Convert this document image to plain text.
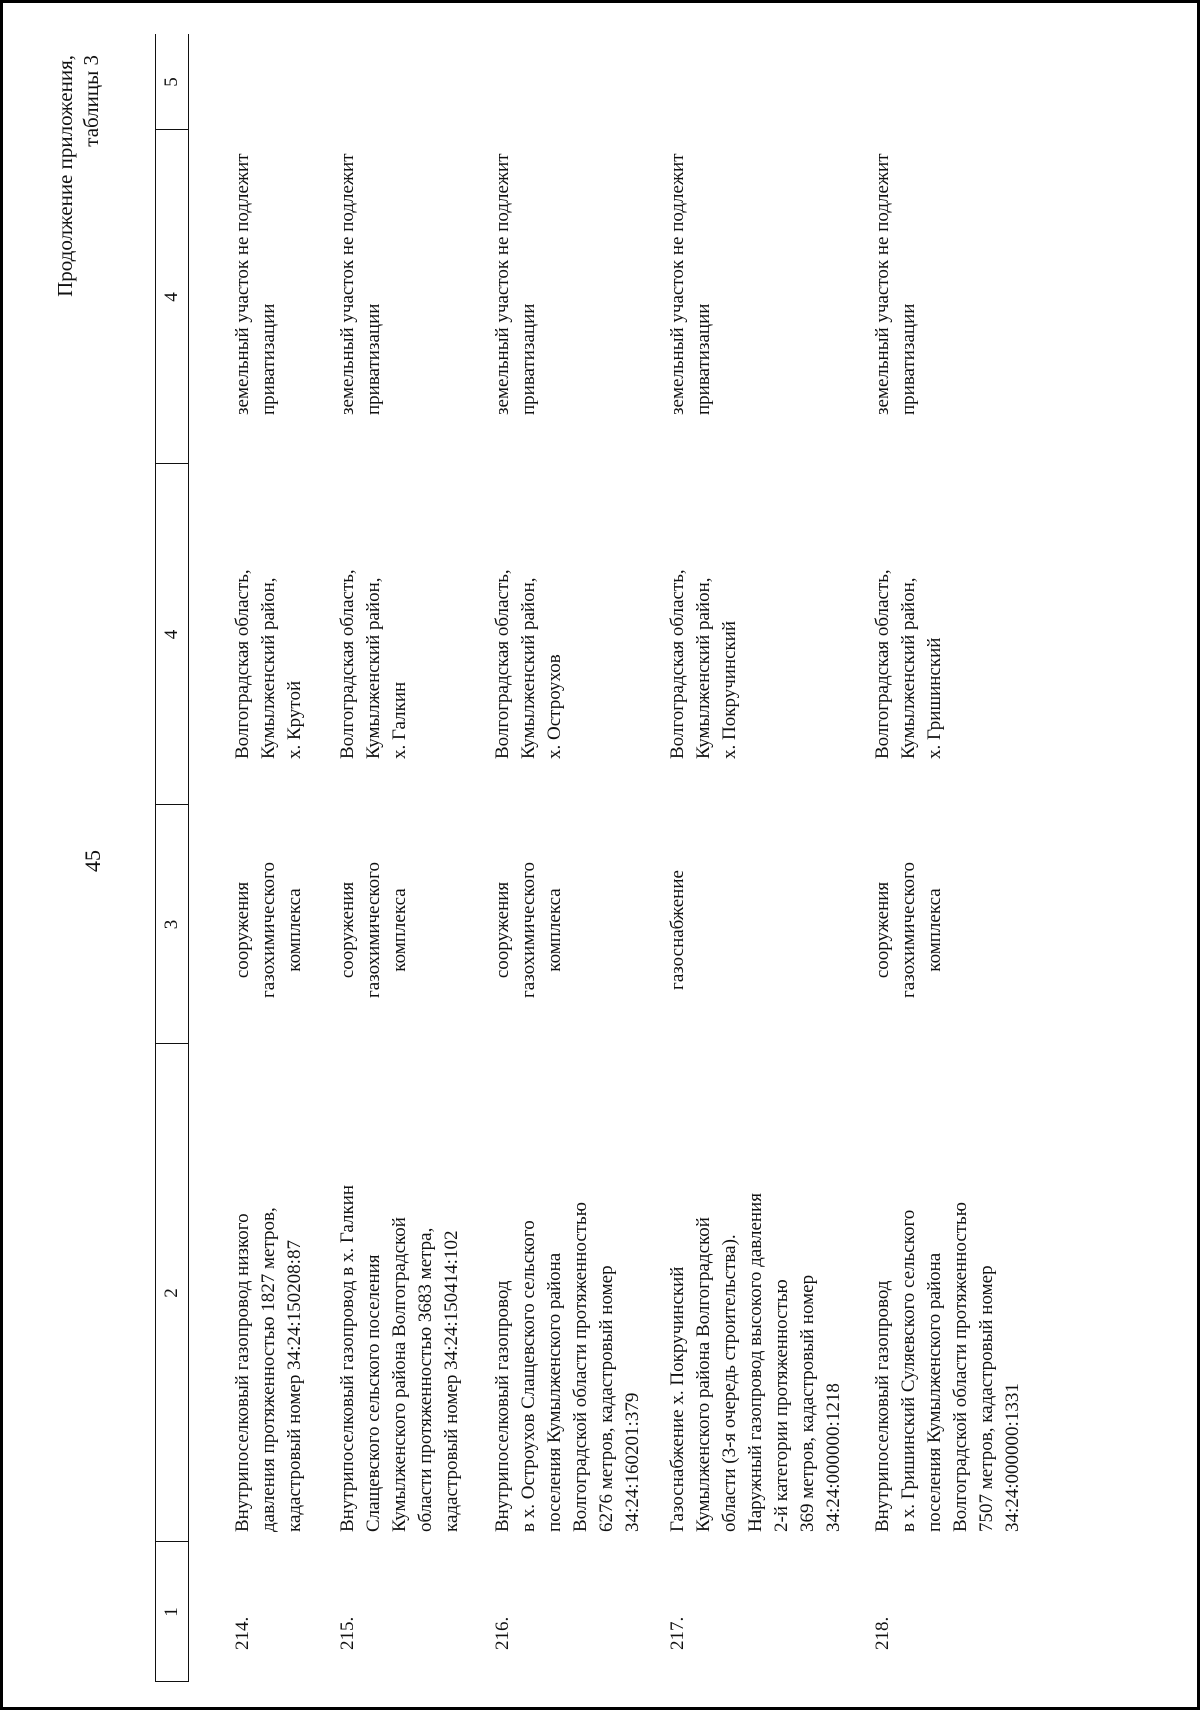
45
Продолжение приложения, таблицы 3
1
2
3
4
4
5
214.
Внутрипоселковый газопровод низкого давления протяженностью 1827 метров, кадастровый номер 34:24:150208:87
сооружения газохимического комплекса
Волгоградская область, Кумылженский район, х. Крутой
земельный участок не подлежит приватизации
215.
Внутрипоселковый газопровод в х. Галкин Слащевского сельского поселения Кумылженского района Волгоградской области протяженностью 3683 метра, кадастровый номер 34:24:150414:102
сооружения газохимического комплекса
Волгоградская область, Кумылженский район, х. Галкин
земельный участок не подлежит приватизации
216.
Внутрипоселковый газопровод в х. Остроухов Слащевского сельского поселения Кумылженского района Волгоградской области протяженностью 6276 метров, кадастровый номер 34:24:160201:379
сооружения газохимического комплекса
Волгоградская область, Кумылженский район, х. Остроухов
земельный участок не подлежит приватизации
217.
Газоснабжение х. Покручинский Кумылженского района Волгоградской области (3-я очередь строительства). Наружный газопровод высокого давления 2-й категории протяженностью 369 метров, кадастровый номер 34:24:000000:1218
газоснабжение
Волгоградская область, Кумылженский район, х. Покручинский
земельный участок не подлежит приватизации
218.
Внутрипоселковый газопровод в х. Гришинский Суляевского сельского поселения Кумылженского района Волгоградской области протяженностью 7507 метров, кадастровый номер 34:24:000000:1331
сооружения газохимического комплекса
Волгоградская область, Кумылженский район, х. Гришинский
земельный участок не подлежит приватизации
